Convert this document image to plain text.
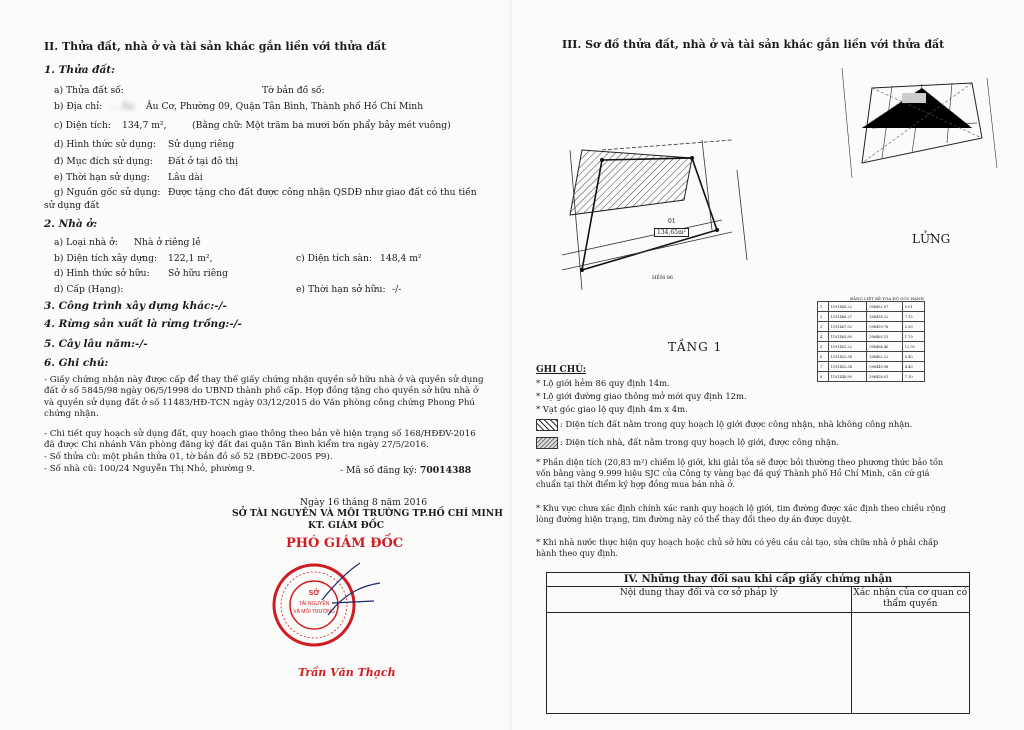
II. Thửa đất, nhà ở và tài sản khác gắn liền với thửa đất
1. Thửa đất:
a) Thửa đất số:	Tờ bản đồ số:
b) Địa chỉ: ... Âu Âu Cơ, Phường 09, Quận Tân Bình, Thành phố Hồ Chí Minh
c) Diện tích: 134,7 m²,	(Bằng chữ: Một trăm ba mươi bốn phẩy bảy mét vuông)
d) Hình thức sử dụng: Sử dụng riêng
đ) Mục đích sử dụng: Đất ở tại đô thị
e) Thời hạn sử dụng: Lâu dài
g) Nguồn gốc sử dụng: Được tặng cho đất được công nhận QSDĐ như giao đất có thu tiền
sử dụng đất
2. Nhà ở:
a) Loại nhà ở: Nhà ở riêng lẻ
b) Diện tích xây dựng: 122,1 m²,	c) Diện tích sàn: 148,4 m²
d) Hình thức sở hữu: Sở hữu riêng
d) Cấp (Hạng):	e) Thời hạn sở hữu: -/-
3. Công trình xây dựng khác:-/-
4. Rừng sản xuất là rừng trồng:-/-
5. Cây lâu năm:-/-
6. Ghi chú:
- Giấy chứng nhận này được cấp để thay thế giấy chứng nhận quyền sở hữu nhà ở và quyền sử dụng đất ở số 5845/98 ngày 06/5/1998 do UBND thành phố cấp. Hợp đồng tặng cho quyền sở hữu nhà ở và quyền sử dụng đất ở số 11483/HĐ-TCN ngày 03/12/2015 do Văn phòng công chứng Phong Phú chứng nhận.
- Chi tiết quy hoạch sử dụng đất, quy hoạch giao thông theo bản vẽ hiện trạng số 168/HĐĐV-2016 đã được Chi nhánh Văn phòng đăng ký đất đai quận Tân Bình kiểm tra ngày 27/5/2016.
- Số thửa cũ: một phần thửa 01, tờ bản đồ số 52 (BĐĐC-2005 P9).
- Số nhà cũ: 100/24 Nguyễn Thị Nhỏ, phường 9.	- Mã số đăng ký: 70014388
Ngày 16 tháng 8 năm 2016
SỞ TÀI NGUYÊN VÀ MÔI TRƯỜNG TP.HỒ CHÍ MINH
KT. GIÁM ĐỐC
PHÓ GIÁM ĐỐC
SỞ
TÀI NGUYÊN
VÀ MÔI TRƯỜNG
Trần Văn Thạch
III. Sơ đồ thửa đất, nhà ở và tài sản khác gắn liền với thửa đất
134,65m²
01
HẺM 86
LỬNG
TẦNG 1
BẢNG LIỆT KÊ TỌA ĐỘ GÓC RANH
1	1191468.22	596452.07	0.01
2	1191466.27	596458.22	7.15
3	1191467.52	596459.78	2.00
4	1191465.80	596465.13	1.79
5	1191461.22	596464.46	12.93
6	1191452.34	596462.22	9.40
7	1191452.34	596449.98	4.40
8	1191448.90	596458.01	7.10
GHI CHÚ:
* Lộ giới hẻm 86 quy định 14m.
* Lộ giới đường giao thông mở mới quy định 12m.
* Vạt góc giao lộ quy định 4m x 4m.
: Diện tích đất nằm trong quy hoạch lộ giới được công nhận, nhà không công nhận.
: Diện tích nhà, đất nằm trong quy hoạch lộ giới, được công nhận.
* Phần diện tích (20,83 m²) chiếm lộ giới, khi giải tỏa sẽ được bồi thường theo phương thức bảo tồn vốn bằng vàng 9.999 hiệu SJC của Công ty vàng bạc đá quý Thành phố Hồ Chí Minh, căn cứ giá chuẩn tại thời điểm ký hợp đồng mua bán nhà ở.
* Khu vực chưa xác định chính xác ranh quy hoạch lộ giới, tim đường được xác định theo chiều rộng lòng đường hiện trạng, tim đường này có thể thay đổi theo dự án được duyệt.
* Khi nhà nước thực hiện quy hoạch hoặc chủ sở hữu có yêu cầu cải tạo, sửa chữa nhà ở phải chấp hành theo quy định.
IV. Những thay đổi sau khi cấp giấy chứng nhận	
Nội dung thay đổi và cơ sở pháp lý	Xác nhận của cơ quan có thẩm quyền
